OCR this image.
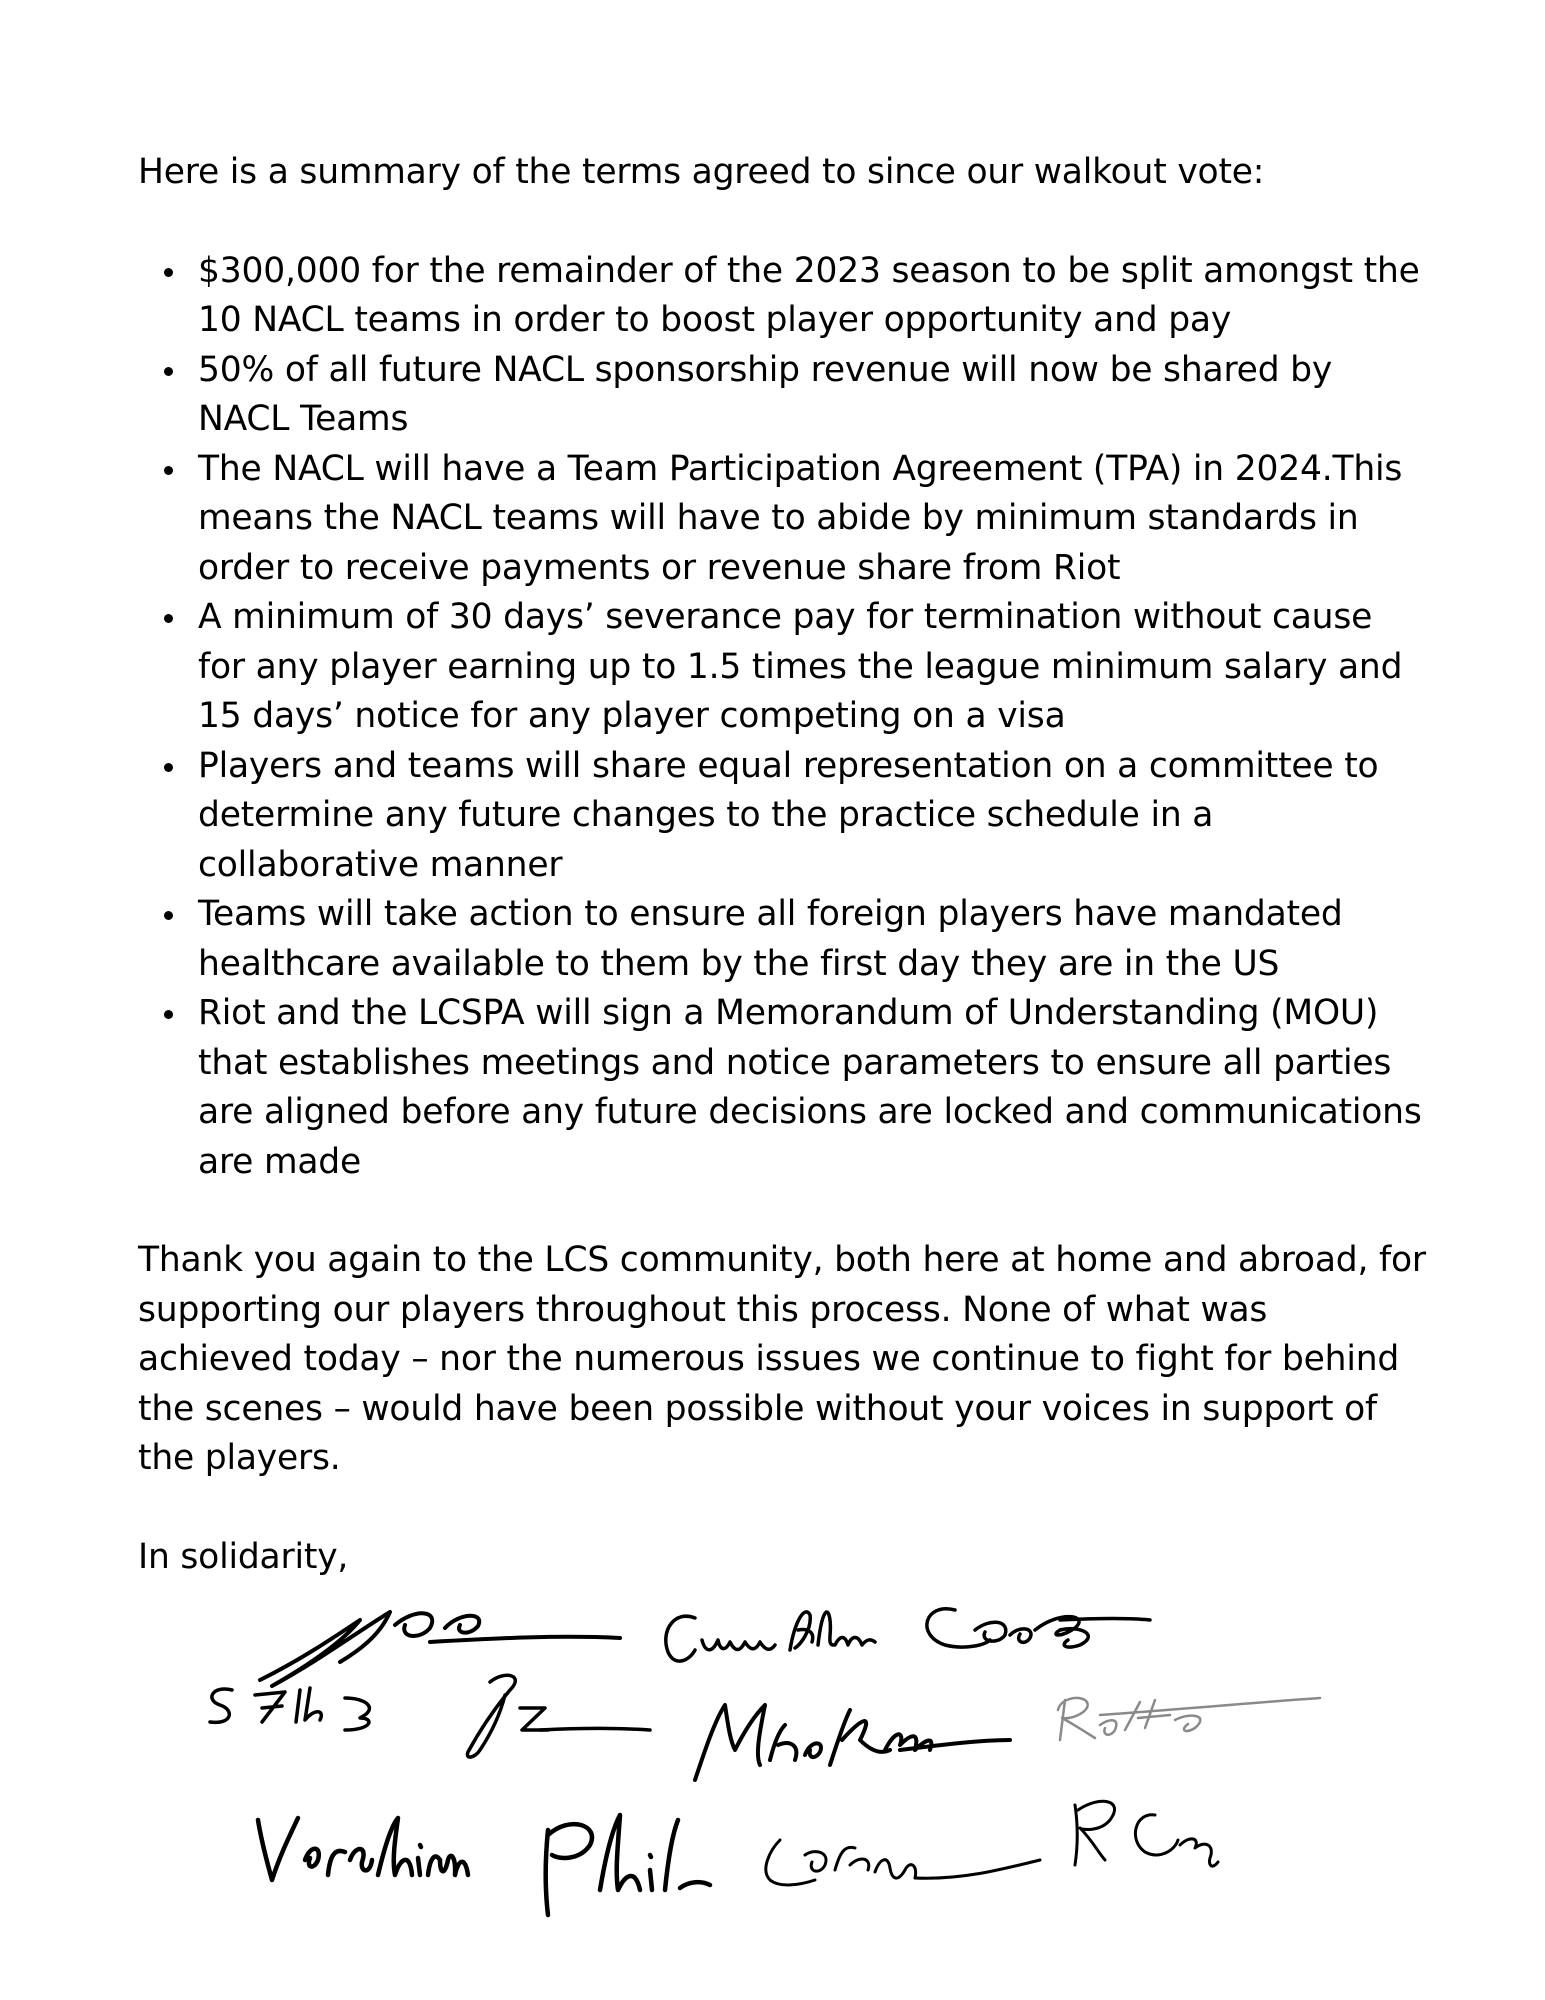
Here is a summary of the terms agreed to since our walkout vote:

$300,000 for the remainder of the 2023 season to be split amongst the 10 NACL teams in order to boost player opportunity and pay
50% of all future NACL sponsorship revenue will now be shared by NACL Teams
The NACL will have a Team Participation Agreement (TPA) in 2024.This means the NACL teams will have to abide by minimum standards in order to receive payments or revenue share from Riot
A minimum of 30 days’ severance pay for termination without cause for any player earning up to 1.5 times the league minimum salary and 15 days’ notice for any player competing on a visa
Players and teams will share equal representation on a committee to determine any future changes to the practice schedule in a collaborative manner
Teams will take action to ensure all foreign players have mandated healthcare available to them by the first day they are in the US
Riot and the LCSPA will sign a Memorandum of Understanding (MOU) that establishes meetings and notice parameters to ensure all parties are aligned before any future decisions are locked and communications are made

Thank you again to the LCS community, both here at home and abroad, for supporting our players throughout this process. None of what was achieved today – nor the numerous issues we continue to fight for behind the scenes – would have been possible without your voices in support of the players.

In solidarity,
